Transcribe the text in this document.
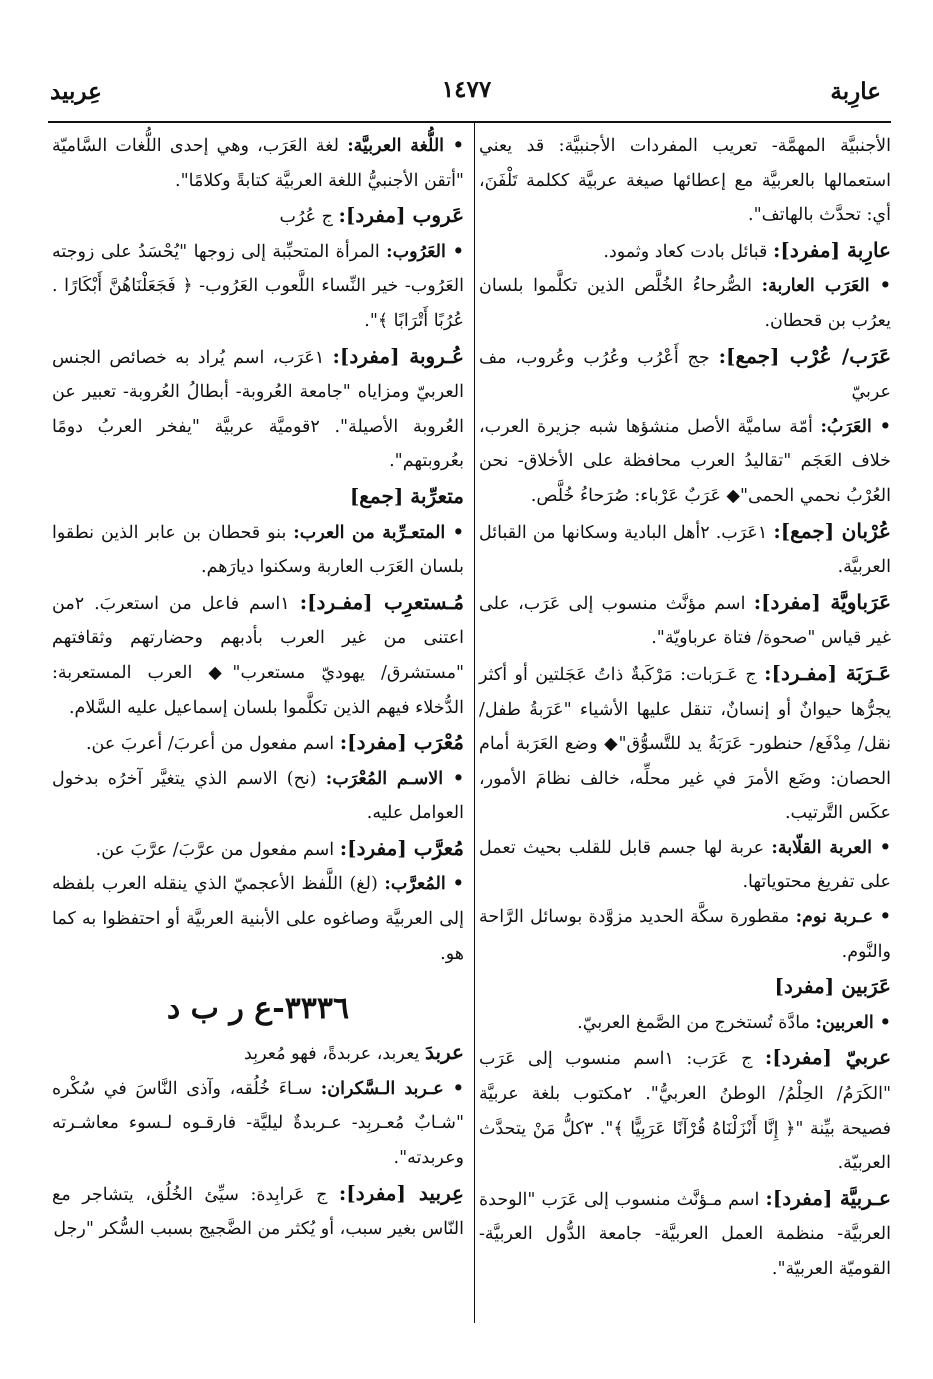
عارِبة
١٤٧٧
عِربيد

الأجنبيَّة المهمَّة- تعريب المفردات الأجنبيَّة: قد يعني استعمالها بالعربيَّة مع إعطائها صيغة عربيَّة ككلمة تَلْفَنَ، أي: تحدَّث بالهاتف".

عارِبة [مفرد]: قبائل بادت كعاد وثمود.

• العَرَب العاربة: الصُّرحاءُ الخُلَّص الذين تكلَّموا بلسان يعرُب بن قحطان.

عَرَب/ عُرْب [جمع]: جج أَعْرُب وعُرُب وعُروب، مف عربيّ

• العَرَبُ: أمّة ساميَّة الأصل منشؤها شبه جزيرة العرب، خلاف العَجَم "تقاليدُ العرب محافظة على الأخلاق- نحن العُرْبُ نحمي الحمى"◆ عَرَبٌ عَرْباء: صُرَحاءُ خُلَّص.

عُرْبان [جمع]: ١عَرَب. ٢أهل البادية وسكانها من القبائل العربيَّة.

عَرَباويَّة [مفرد]: اسم مؤنَّث منسوب إلى عَرَب، على غير قياس "صحوة/ فتاة عرباويّة".

عَـرَبَة [مفـرد]: ج عَـرَبات: مَرْكَبةٌ ذاتُ عَجَلتين أو أكثر يجرُّها حيوانٌ أو إنسانٌ، تنقل عليها الأشياء "عَرَبةُ طفل/ نقل/ مِدْفَع/ حنطور- عَرَبَةُ يد للتَّسوُّق"◆ وضع العَرَبة أمام الحصان: وضَع الأمرَ في غير محلِّه، خالف نظامَ الأمور، عكَس التَّرتيب.

• العربة القلّابة: عربة لها جسم قابل للقلب بحيث تعمل على تفريغ محتوياتها.

• عـربة نوم: مقطورة سكَّة الحديد مزوَّدة بوسائل الرَّاحة والنَّوم.

عَرَبين [مفرد]

• العربين: مادَّة تُستخرج من الصَّمغ العربيّ.

عربيّ [مفرد]: ج عَرَب: ١اسم منسوب إلى عَرَب "الكَرَمُ/ الحِلْمُ/ الوطنُ العربيُّ". ٢مكتوب بلغة عربيَّة فصيحة بيِّنة "﴿ إِنَّا أَنْزَلْنَاهُ قُرْآنًا عَرَبِيًّا ﴾". ٣كلُّ مَنْ يتحدَّث العربيّة.

عـربيَّة [مفرد]: اسم مـؤنَّث منسوب إلى عَرَب "الوحدة العربيَّة- منظمة العمل العربيَّة- جامعة الدُّول العربيَّة- القوميّة العربيّة".

• اللُّغة العربيَّة: لغة العَرَب، وهي إحدى اللُّغات السَّاميّة "أتقن الأجنبيُّ اللغة العربيَّة كتابةً وكلامًا".

عَروب [مفرد]: ج عُرُب

• العَرُوب: المرأة المتحبِّبة إلى زوجها "يُحْسَدُ على زوجته العَرُوب- خير النِّساء اللَّعوب العَرُوب- ﴿ فَجَعَلْنَاهُنَّ أَبْكَارًا . عُرُبًا أَتْرَابًا ﴾".

عُـروبة [مفرد]: ١عَرَب، اسم يُراد به خصائص الجنس العربيّ ومزاياه "جامعة العُروبة- أبطالُ العُروبة- تعبير عن العُروبة الأصيلة". ٢قوميَّة عربيَّة "يفخر العربُ دومًا بعُروبتهم".

متعرِّبة [جمع]

• المتعـرِّبة من العرب: بنو قحطان بن عابر الذين نطقوا بلسان العَرَب العاربة وسكنوا ديارَهم.

مُـستعرِب [مفـرد]: ١اسم فاعل من استعربَ. ٢من اعتنى من غير العرب بأدبهم وحضارتهم وثقافتهم "مستشرق/ يهوديّ مستعرب"◆ العرب المستعربة: الدُّخلاء فيهم الذين تكلَّموا بلسان إسماعيل عليه السَّلام.

مُعْرَب [مفرد]: اسم مفعول من أعربَ/ أعربَ عن.

• الاسـم المُعْرَب: (نح) الاسم الذي يتغيَّر آخرُه بدخول العوامل عليه.

مُعرَّب [مفرد]: اسم مفعول من عرَّبَ/ عرَّبَ عن.

• المُعرَّب: (لغ) اللَّفظ الأعجميّ الذي ينقله العرب بلفظه إلى العربيَّة وصاغوه على الأبنية العربيَّة أو احتفظوا به كما هو.

٣٣٣٦-ع ر ب د

عربدَ يعربد، عربدةً، فهو مُعربِد

• عـربد الـسَّكران: سـاءَ خُلُقه، وآذى النَّاسَ في سُكْره "شـابٌ مُعـربِد- عـربدةٌ ليليَّة- فارقـوه لـسوء معاشـرته وعربدته".

عِربيد [مفرد]: ج عَرابِدة: سيِّئ الخُلُق، يتشاجر مع النّاس بغير سبب، أو يُكثر من الضَّجيج بسبب السُّكر "رجل
